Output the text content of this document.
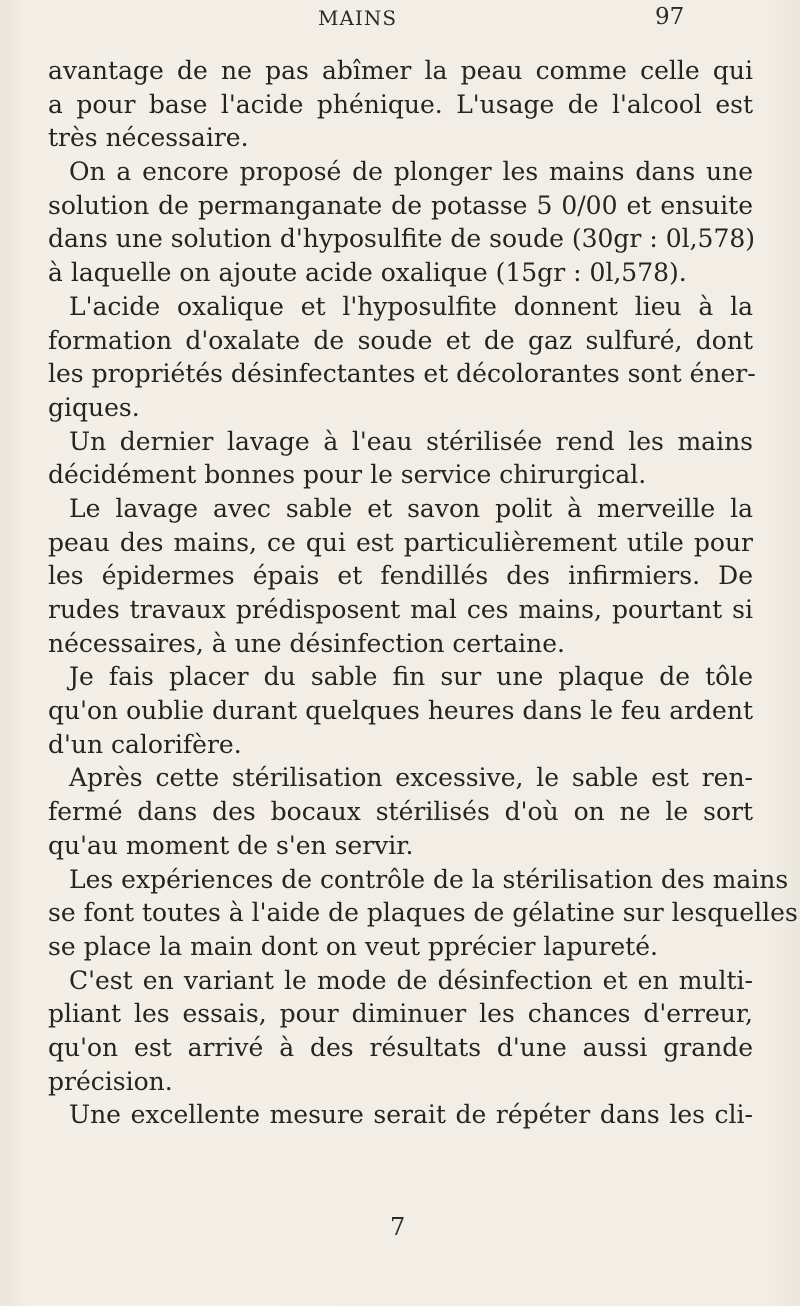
MAINS	97
avantage de ne pas abîmer la peau comme celle qui
a pour base l'acide phénique. L'usage de l'alcool est
très nécessaire.
On a encore proposé de plonger les mains dans une
solution de permanganate de potasse 5 0/00 et ensuite
dans une solution d'hyposulfite de soude (30gr : 0l,578)
à laquelle on ajoute acide oxalique (15gr : 0l,578).
L'acide oxalique et l'hyposulfite donnent lieu à la
formation d'oxalate de soude et de gaz sulfuré, dont
les propriétés désinfectantes et décolorantes sont éner-
giques.
Un dernier lavage à l'eau stérilisée rend les mains
décidément bonnes pour le service chirurgical.
Le lavage avec sable et savon polit à merveille la
peau des mains, ce qui est particulièrement utile pour
les épidermes épais et fendillés des infirmiers. De
rudes travaux prédisposent mal ces mains, pourtant si
nécessaires, à une désinfection certaine.
Je fais placer du sable fin sur une plaque de tôle
qu'on oublie durant quelques heures dans le feu ardent
d'un calorifère.
Après cette stérilisation excessive, le sable est ren-
fermé dans des bocaux stérilisés d'où on ne le sort
qu'au moment de s'en servir.
Les expériences de contrôle de la stérilisation des mains
se font toutes à l'aide de plaques de gélatine sur lesquelles
se place la main dont on veut pprécier lapureté.
C'est en variant le mode de désinfection et en multi-
pliant les essais, pour diminuer les chances d'erreur,
qu'on est arrivé à des résultats d'une aussi grande
précision.
Une excellente mesure serait de répéter dans les cli-
7
